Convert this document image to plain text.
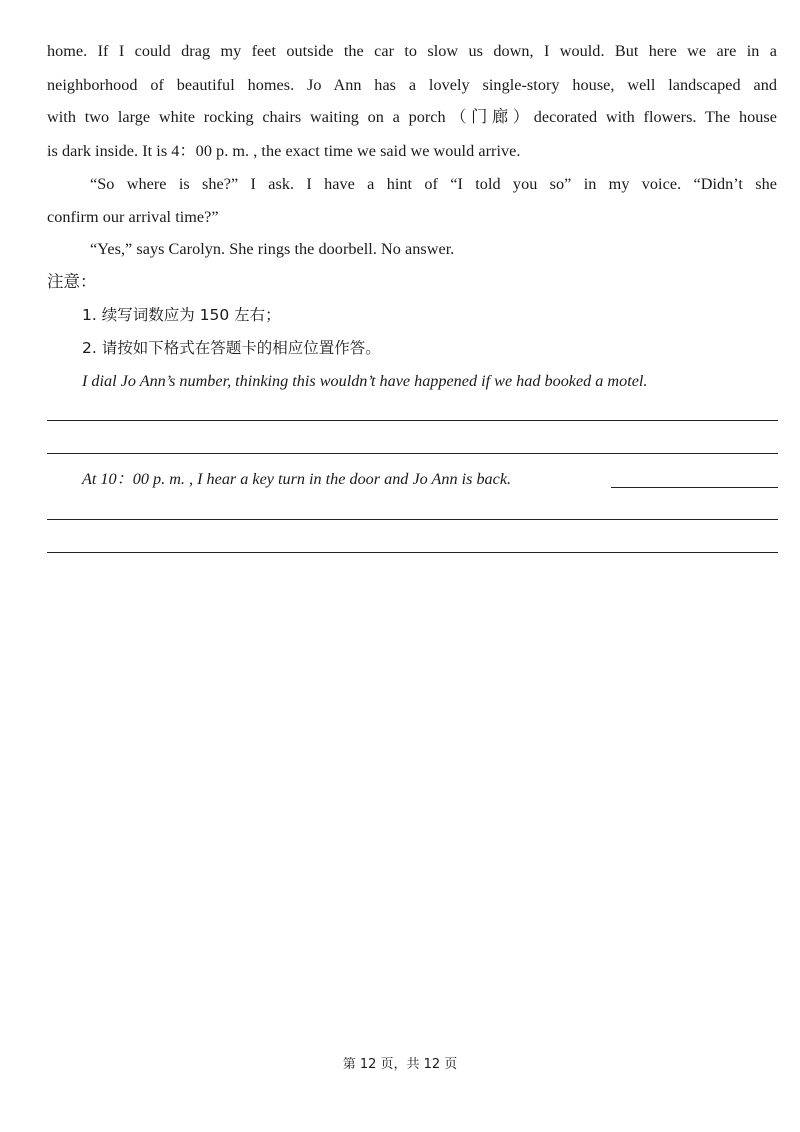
home. If I could drag my feet outside the car to slow us down, I would. But here we are in a
neighborhood of beautiful homes. Jo Ann has a lovely single-story house, well landscaped and
with two large white rocking chairs waiting on a porch（门廊）decorated with flowers. The house
is dark inside. It is 4：00 p. m. , the exact time we said we would arrive.
“So where is she?” I ask. I have a hint of “I told you so” in my voice. “Didn’t she
confirm our arrival time?”
“Yes,” says Carolyn. She rings the doorbell. No answer.
注意：
1. 续写词数应为 150 左右；
2. 请按如下格式在答题卡的相应位置作答。
I dial Jo Ann’s number, thinking this wouldn’t have happened if we had booked a motel.
At 10：00 p. m. , I hear a key turn in the door and Jo Ann is back.
第 12 页，共 12 页
